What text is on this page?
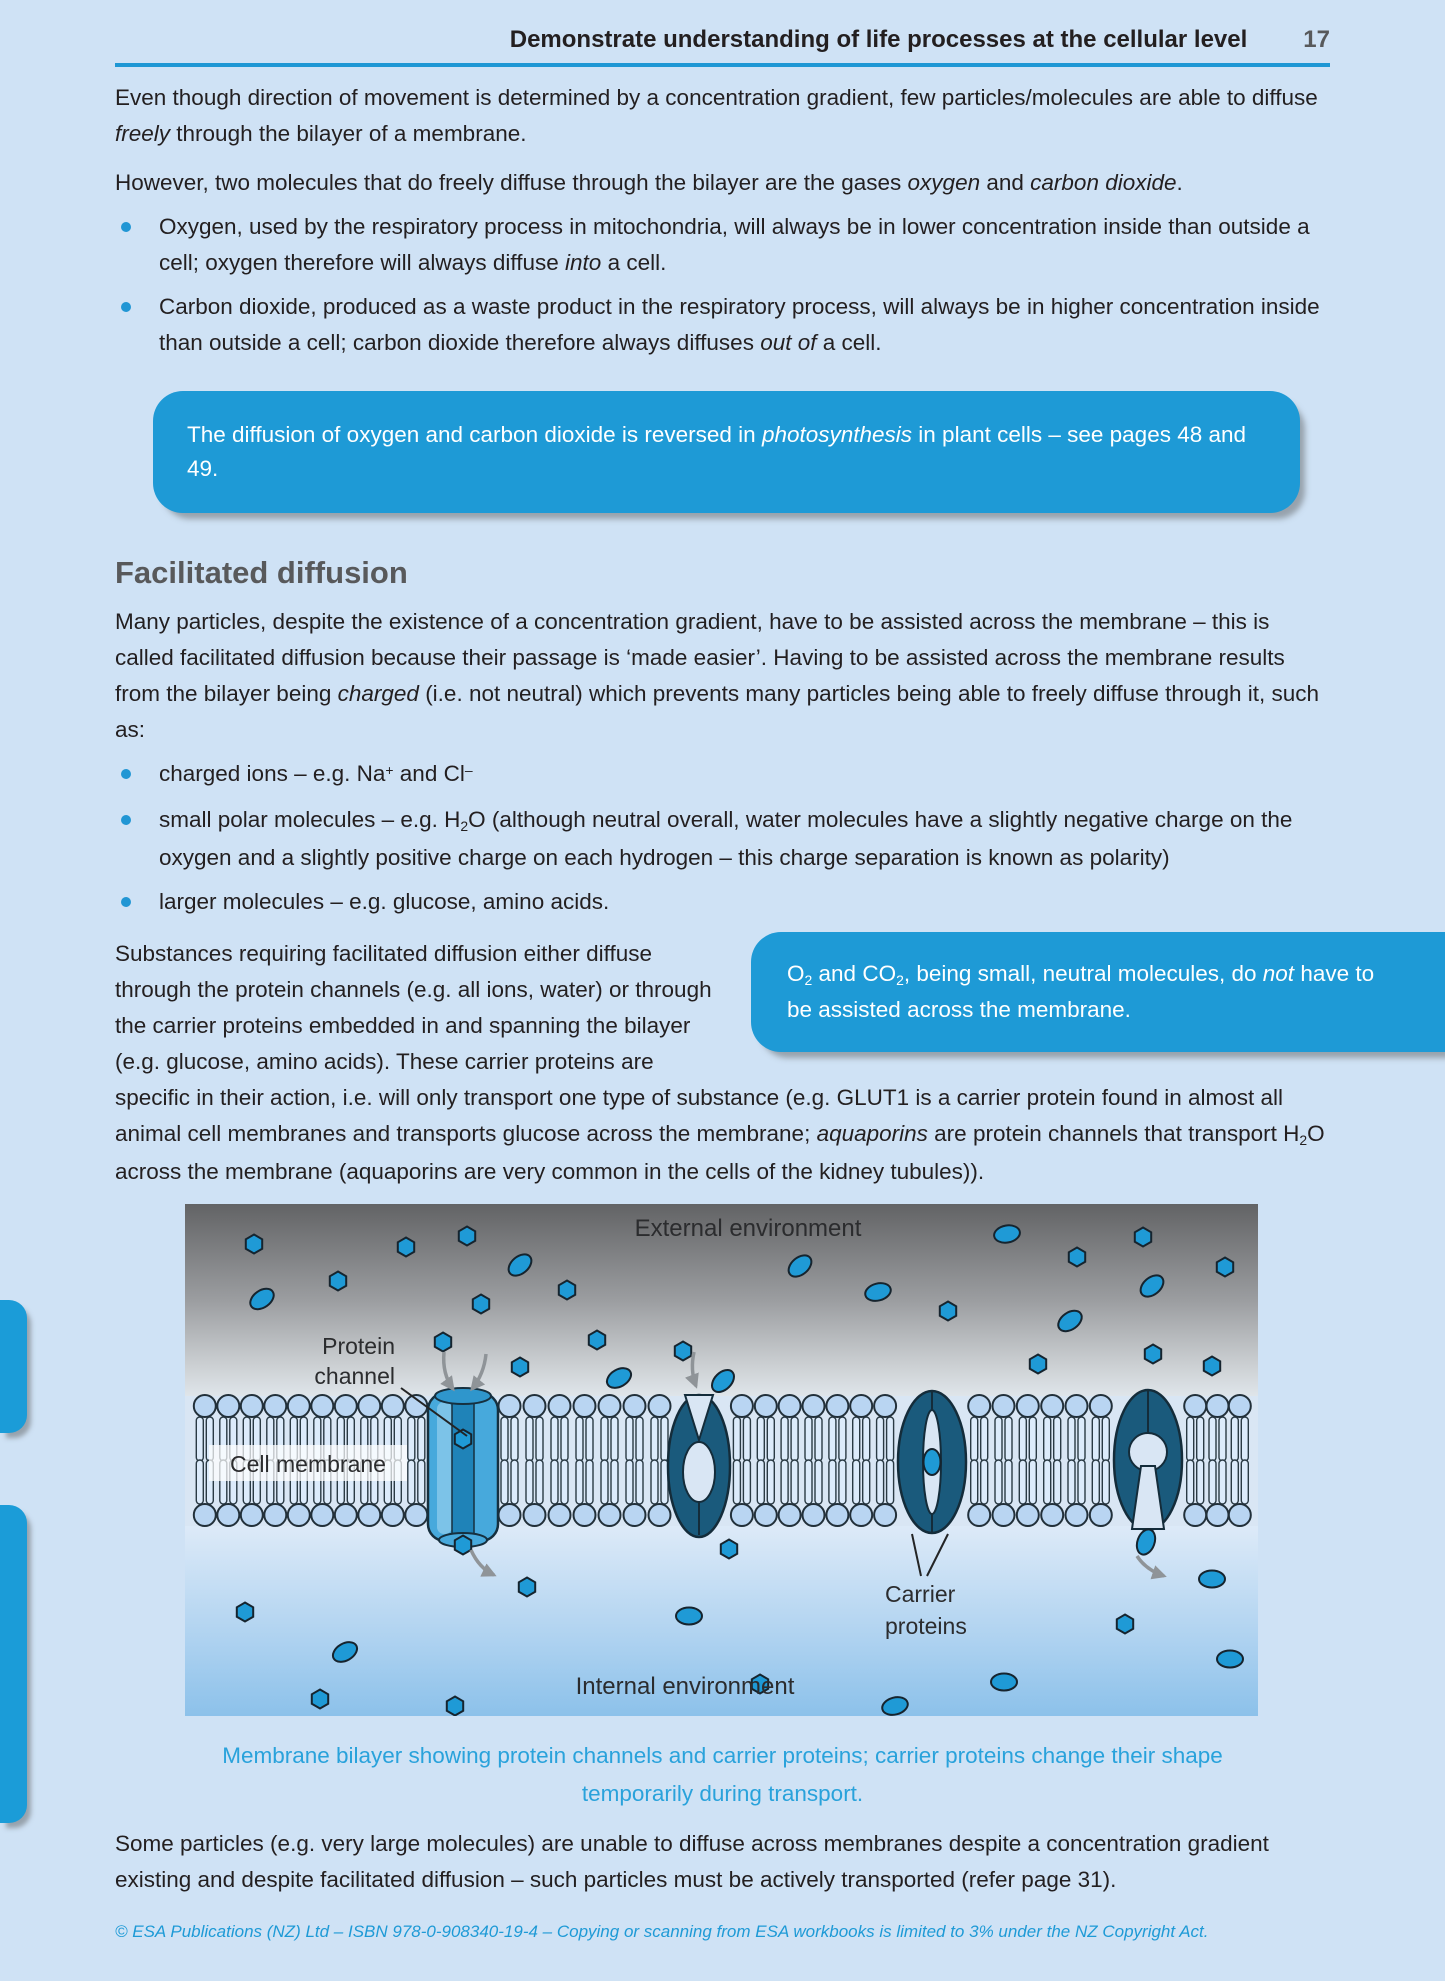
Demonstrate understanding of life processes at the cellular level 17

Even though direction of movement is determined by a concentration gradient, few particles/molecules are able to diffuse freely through the bilayer of a membrane.

However, two molecules that do freely diffuse through the bilayer are the gases oxygen and carbon dioxide.

Oxygen, used by the respiratory process in mitochondria, will always be in lower concentration inside than outside a cell; oxygen therefore will always diffuse into a cell.
Carbon dioxide, produced as a waste product in the respiratory process, will always be in higher concentration inside than outside a cell; carbon dioxide therefore always diffuses out of a cell.
The diffusion of oxygen and carbon dioxide is reversed in photosynthesis in plant cells – see pages 48 and 49.
Facilitated diffusion

Many particles, despite the existence of a concentration gradient, have to be assisted across the membrane – this is called facilitated diffusion because their passage is ‘made easier’. Having to be assisted across the membrane results from the bilayer being charged (i.e. not neutral) which prevents many particles being able to freely diffuse through it, such as:

charged ions – e.g. Na+ and Cl–
small polar molecules – e.g. $H_2O$ (although neutral overall, water molecules have a slightly negative charge on the oxygen and a slightly positive charge on each hydrogen – this charge separation is known as polarity)
larger molecules – e.g. glucose, amino acids.
$O_2$ and $CO_2$, being small, neutral molecules, do not have to be assisted across the membrane.

Substances requiring facilitated diffusion either diffuse through the protein channels (e.g. all ions, water) or through the carrier proteins embedded in and spanning the bilayer (e.g. glucose, amino acids). These carrier proteins are specific in their action, i.e. will only transport one type of substance (e.g. GLUT1 is a carrier protein found in almost all animal cell membranes and transports glucose across the membrane; aquaporins are protein channels that transport $H_2O$ across the membrane (aquaporins are very common in the cells of the kidney tubules)).

External environment
Protein
channel
Cell membrane
Carrier
proteins
Internal environment

Membrane bilayer showing protein channels and carrier proteins; carrier proteins change their shape temporarily during transport.

Some particles (e.g. very large molecules) are unable to diffuse across membranes despite a concentration gradient existing and despite facilitated diffusion – such particles must be actively transported (refer page 31).

© ESA Publications (NZ) Ltd – ISBN 978-0-908340-19-4 – Copying or scanning from ESA workbooks is limited to 3% under the NZ Copyright Act.
